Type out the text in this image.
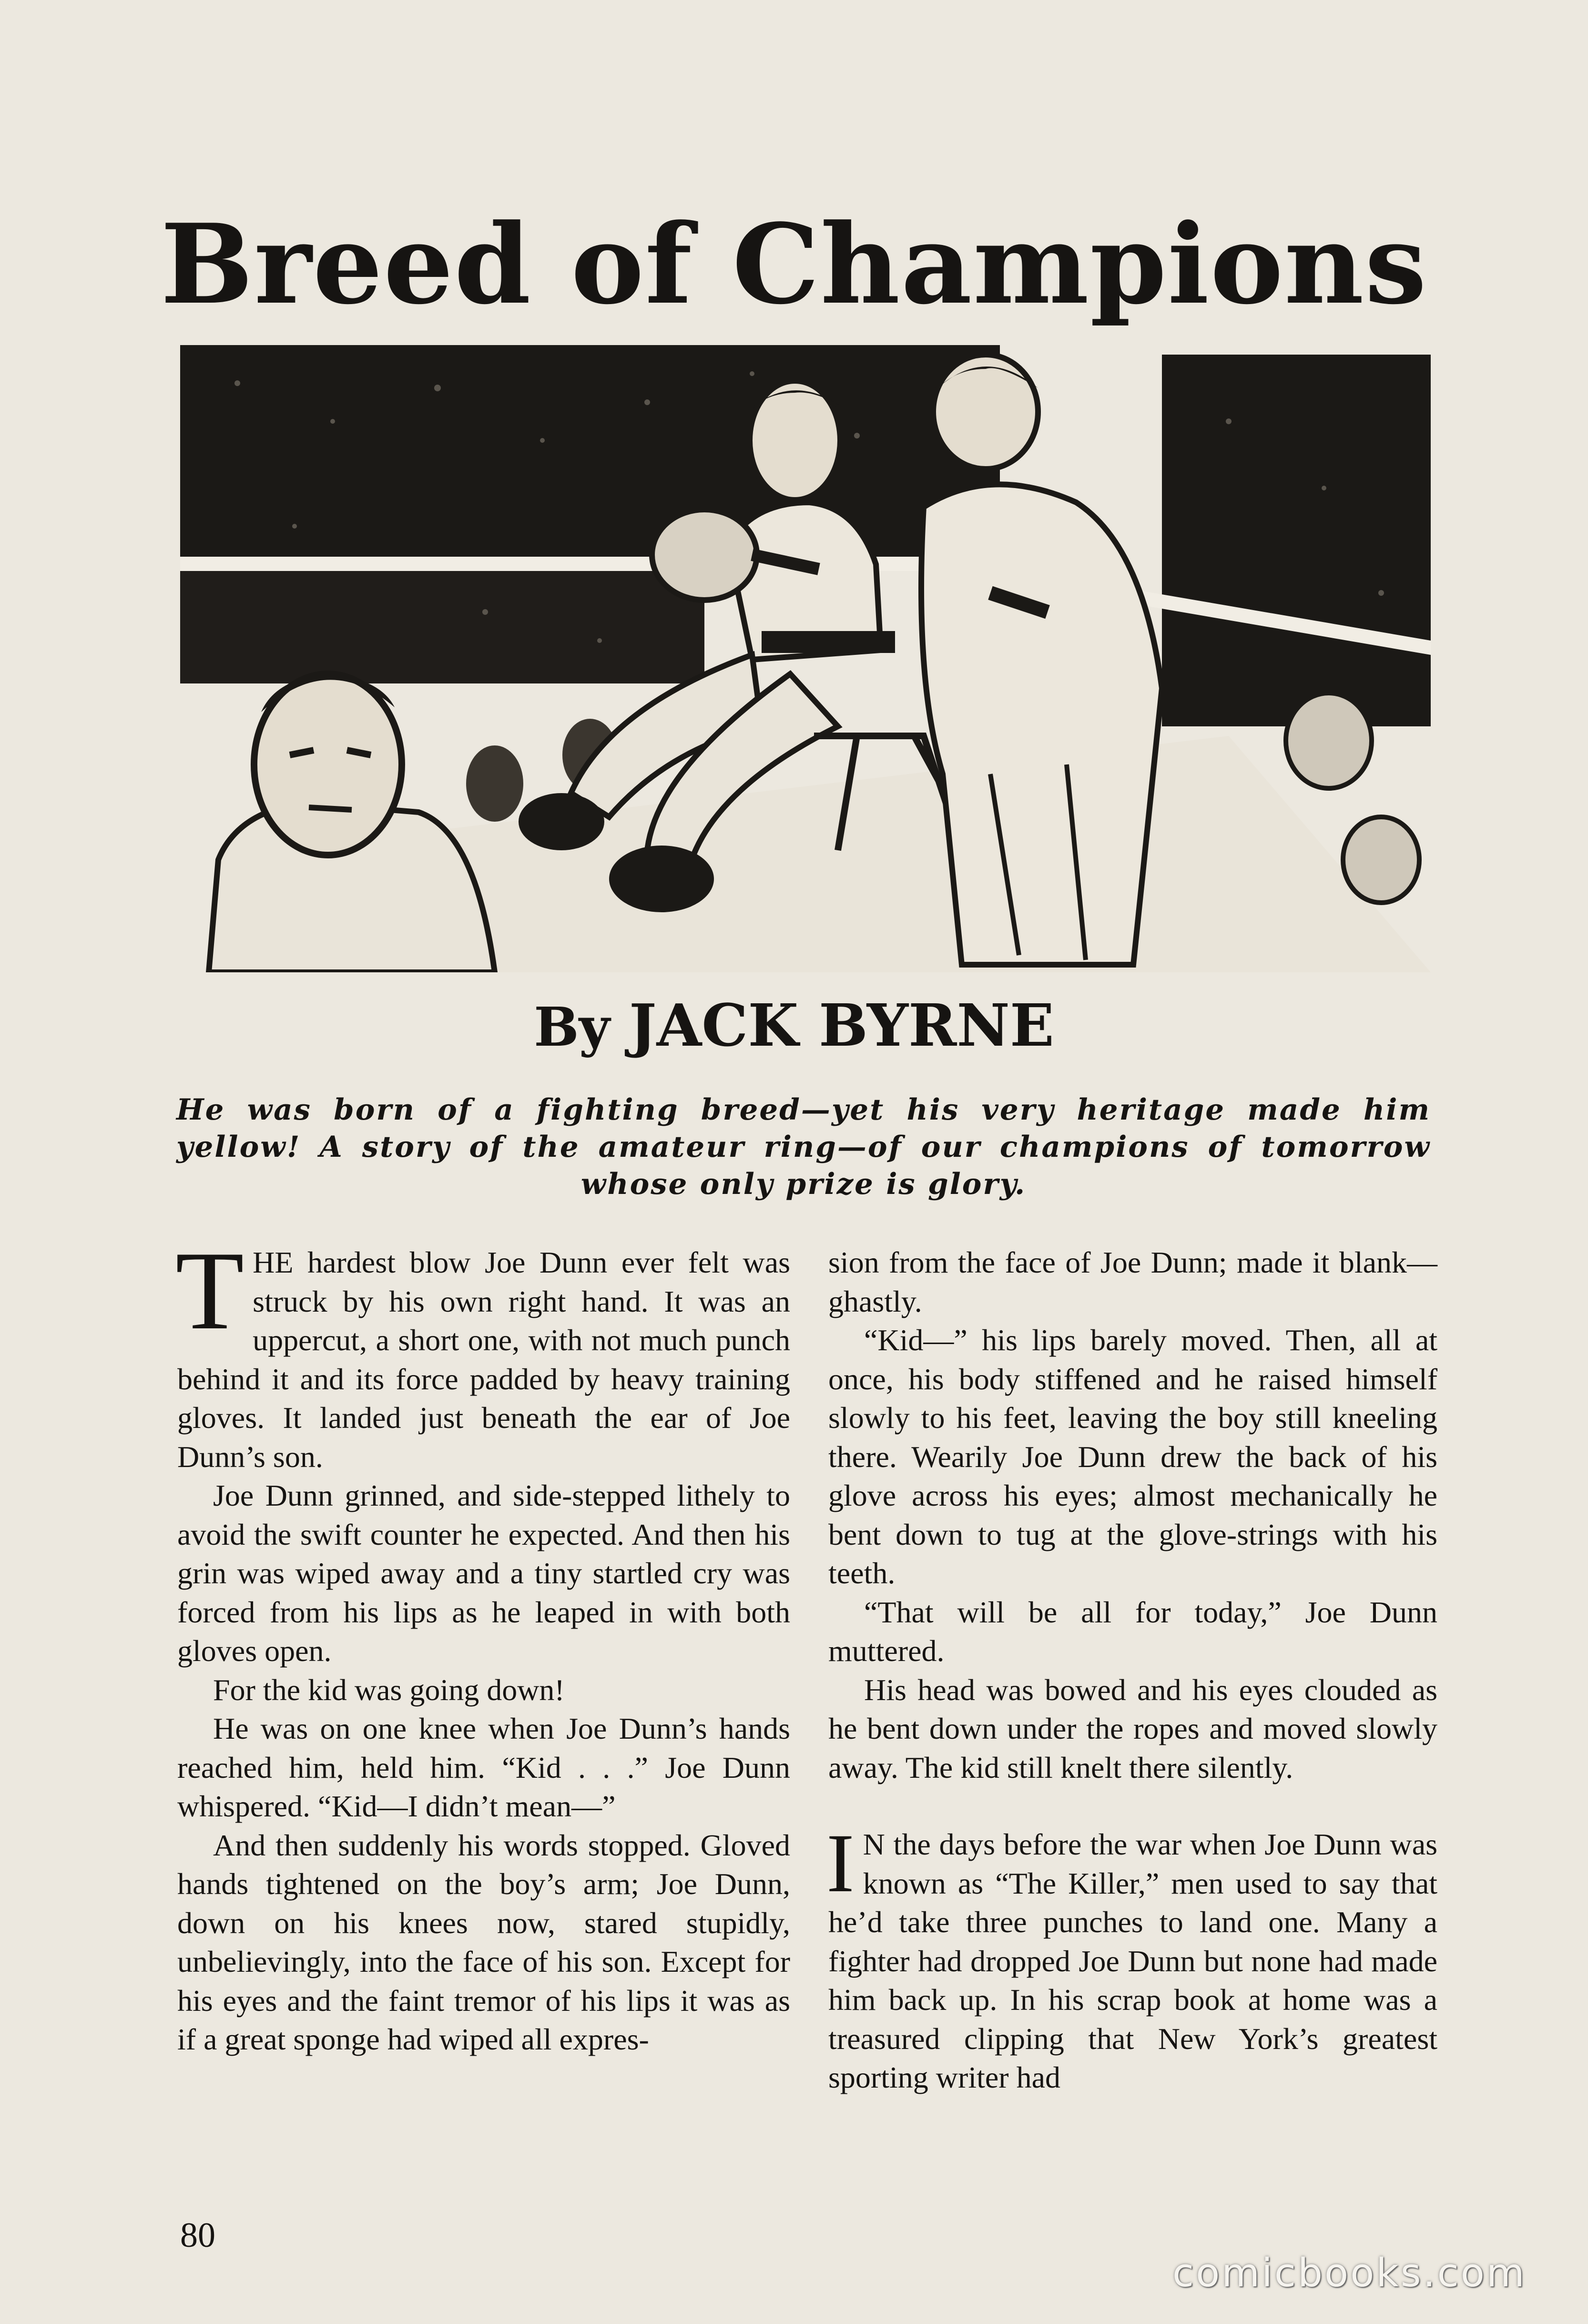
Breed of Champions
By JACK BYRNE
He was born of a fighting breed—yet his very heritage made him yellow! A story of the amateur ring—of our champions of tomorrow whose only prize is glory.

THE hardest blow Joe Dunn ever felt was struck by his own right hand. It was an uppercut, a short one, with not much punch behind it and its force padded by heavy training gloves. It landed just beneath the ear of Joe Dunn’s son.

Joe Dunn grinned, and side-stepped lithely to avoid the swift counter he expected. And then his grin was wiped away and a tiny startled cry was forced from his lips as he leaped in with both gloves open.

For the kid was going down!

He was on one knee when Joe Dunn’s hands reached him, held him. “Kid . . .” Joe Dunn whispered. “Kid—I didn’t mean—”

And then suddenly his words stopped. Gloved hands tightened on the boy’s arm; Joe Dunn, down on his knees now, stared stupidly, unbelievingly, into the face of his son. Except for his eyes and the faint tremor of his lips it was as if a great sponge had wiped all expres-

sion from the face of Joe Dunn; made it blank—ghastly.

“Kid—” his lips barely moved. Then, all at once, his body stiffened and he raised himself slowly to his feet, leaving the boy still kneeling there. Wearily Joe Dunn drew the back of his glove across his eyes; almost mechanically he bent down to tug at the glove-strings with his teeth.

“That will be all for today,” Joe Dunn muttered.

His head was bowed and his eyes clouded as he bent down under the ropes and moved slowly away. The kid still knelt there silently.

I N the days before the war when Joe Dunn was known as “The Killer,” men used to say that he’d take three punches to land one. Many a fighter had dropped Joe Dunn but none had made him back up. In his scrap book at home was a treasured clipping that New York’s greatest sporting writer had

80
comicbooks.com
